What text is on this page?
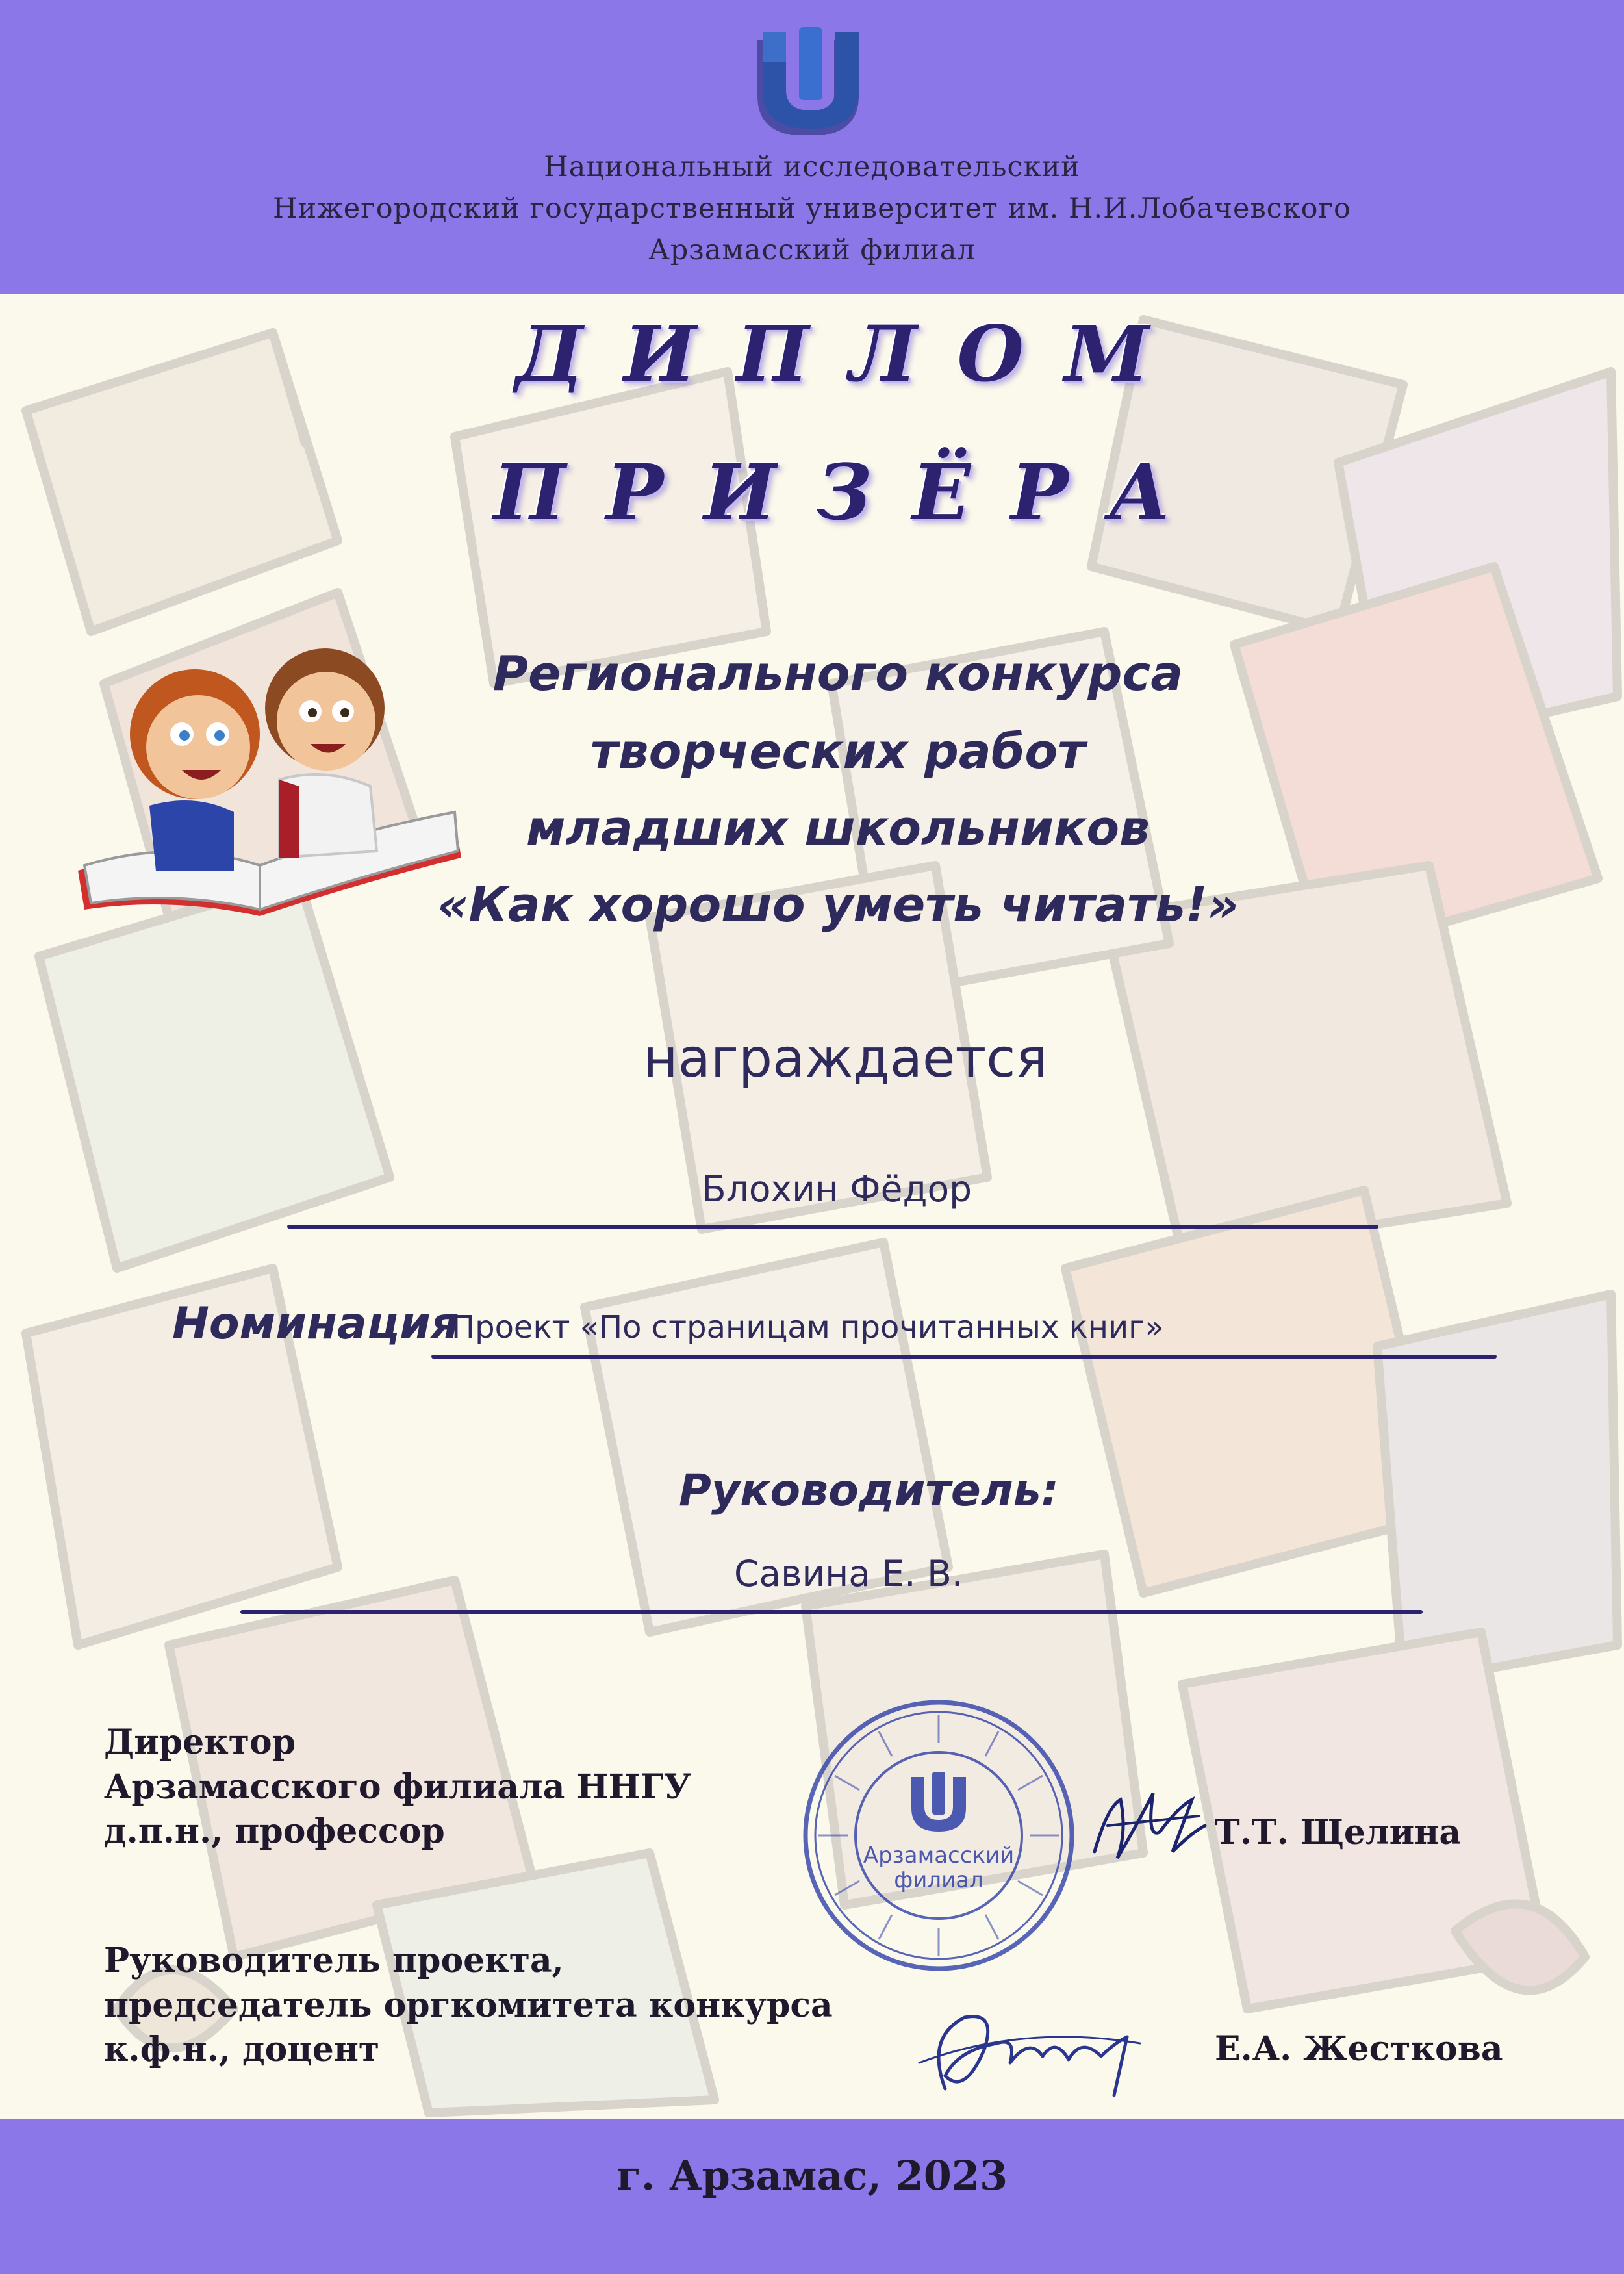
Национальный исследовательский
Нижегородский государственный университет им. Н.И.Лобачевского
Арзамасский филиал
ДИПЛОМ
ПРИЗЁРА
Регионального конкурса
творческих работ
младших школьников
«Как хорошо уметь читать!»
награждается
Блохин Фёдор
Номинация
Проект «По страницам прочитанных книг»
Руководитель:
Савина Е. В.
Директор
Арзамасского филиала ННГУ
д.п.н., профессор	Т.Т. Щелина
Руководитель проекта,
председатель оргкомитета конкурса
к.ф.н., доцент	Е.А. Жесткова
Арзамасский
филиал
г. Арзамас, 2023
